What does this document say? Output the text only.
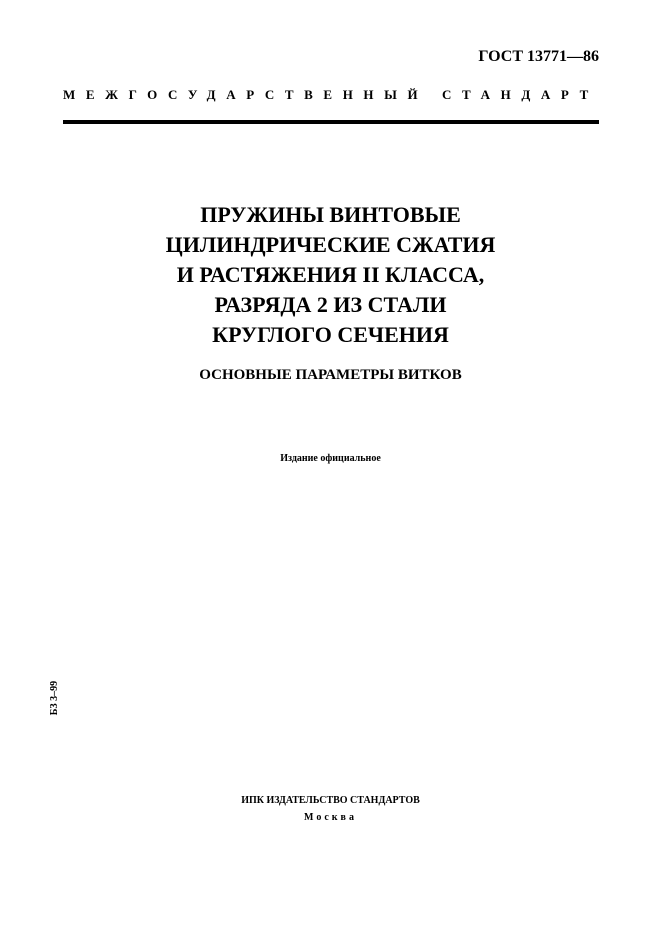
ГОСТ 13771—86
МЕЖГОСУДАРСТВЕННЫЙ СТАНДАРТ
ПРУЖИНЫ ВИНТОВЫЕ
ЦИЛИНДРИЧЕСКИЕ СЖАТИЯ
И РАСТЯЖЕНИЯ II КЛАССА,
РАЗРЯДА 2 ИЗ СТАЛИ
КРУГЛОГО СЕЧЕНИЯ
ОСНОВНЫЕ ПАРАМЕТРЫ ВИТКОВ
Издание официальное
БЗ 3–99
ИПК ИЗДАТЕЛЬСТВО СТАНДАРТОВ
Москва
